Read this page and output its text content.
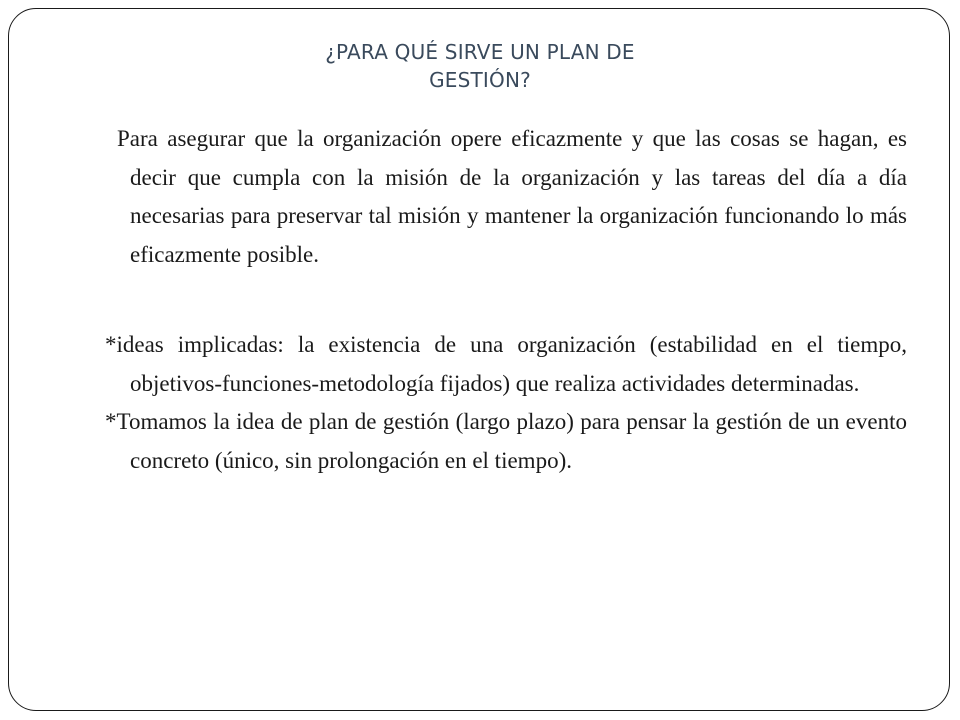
¿PARA QUÉ SIRVE UN PLAN DE
GESTIÓN?

Para asegurar que la organización opere eficazmente y que las cosas se hagan, es decir que cumpla con la misión de la organización y las tareas del día a día necesarias para preservar tal misión y mantener la organización funcionando lo más eficazmente posible.

*ideas implicadas: la existencia de una organización (estabilidad en el tiempo, objetivos-funciones-metodología fijados) que realiza actividades determinadas.

*Tomamos la idea de plan de gestión (largo plazo) para pensar la gestión de un evento concreto (único, sin prolongación en el tiempo).
